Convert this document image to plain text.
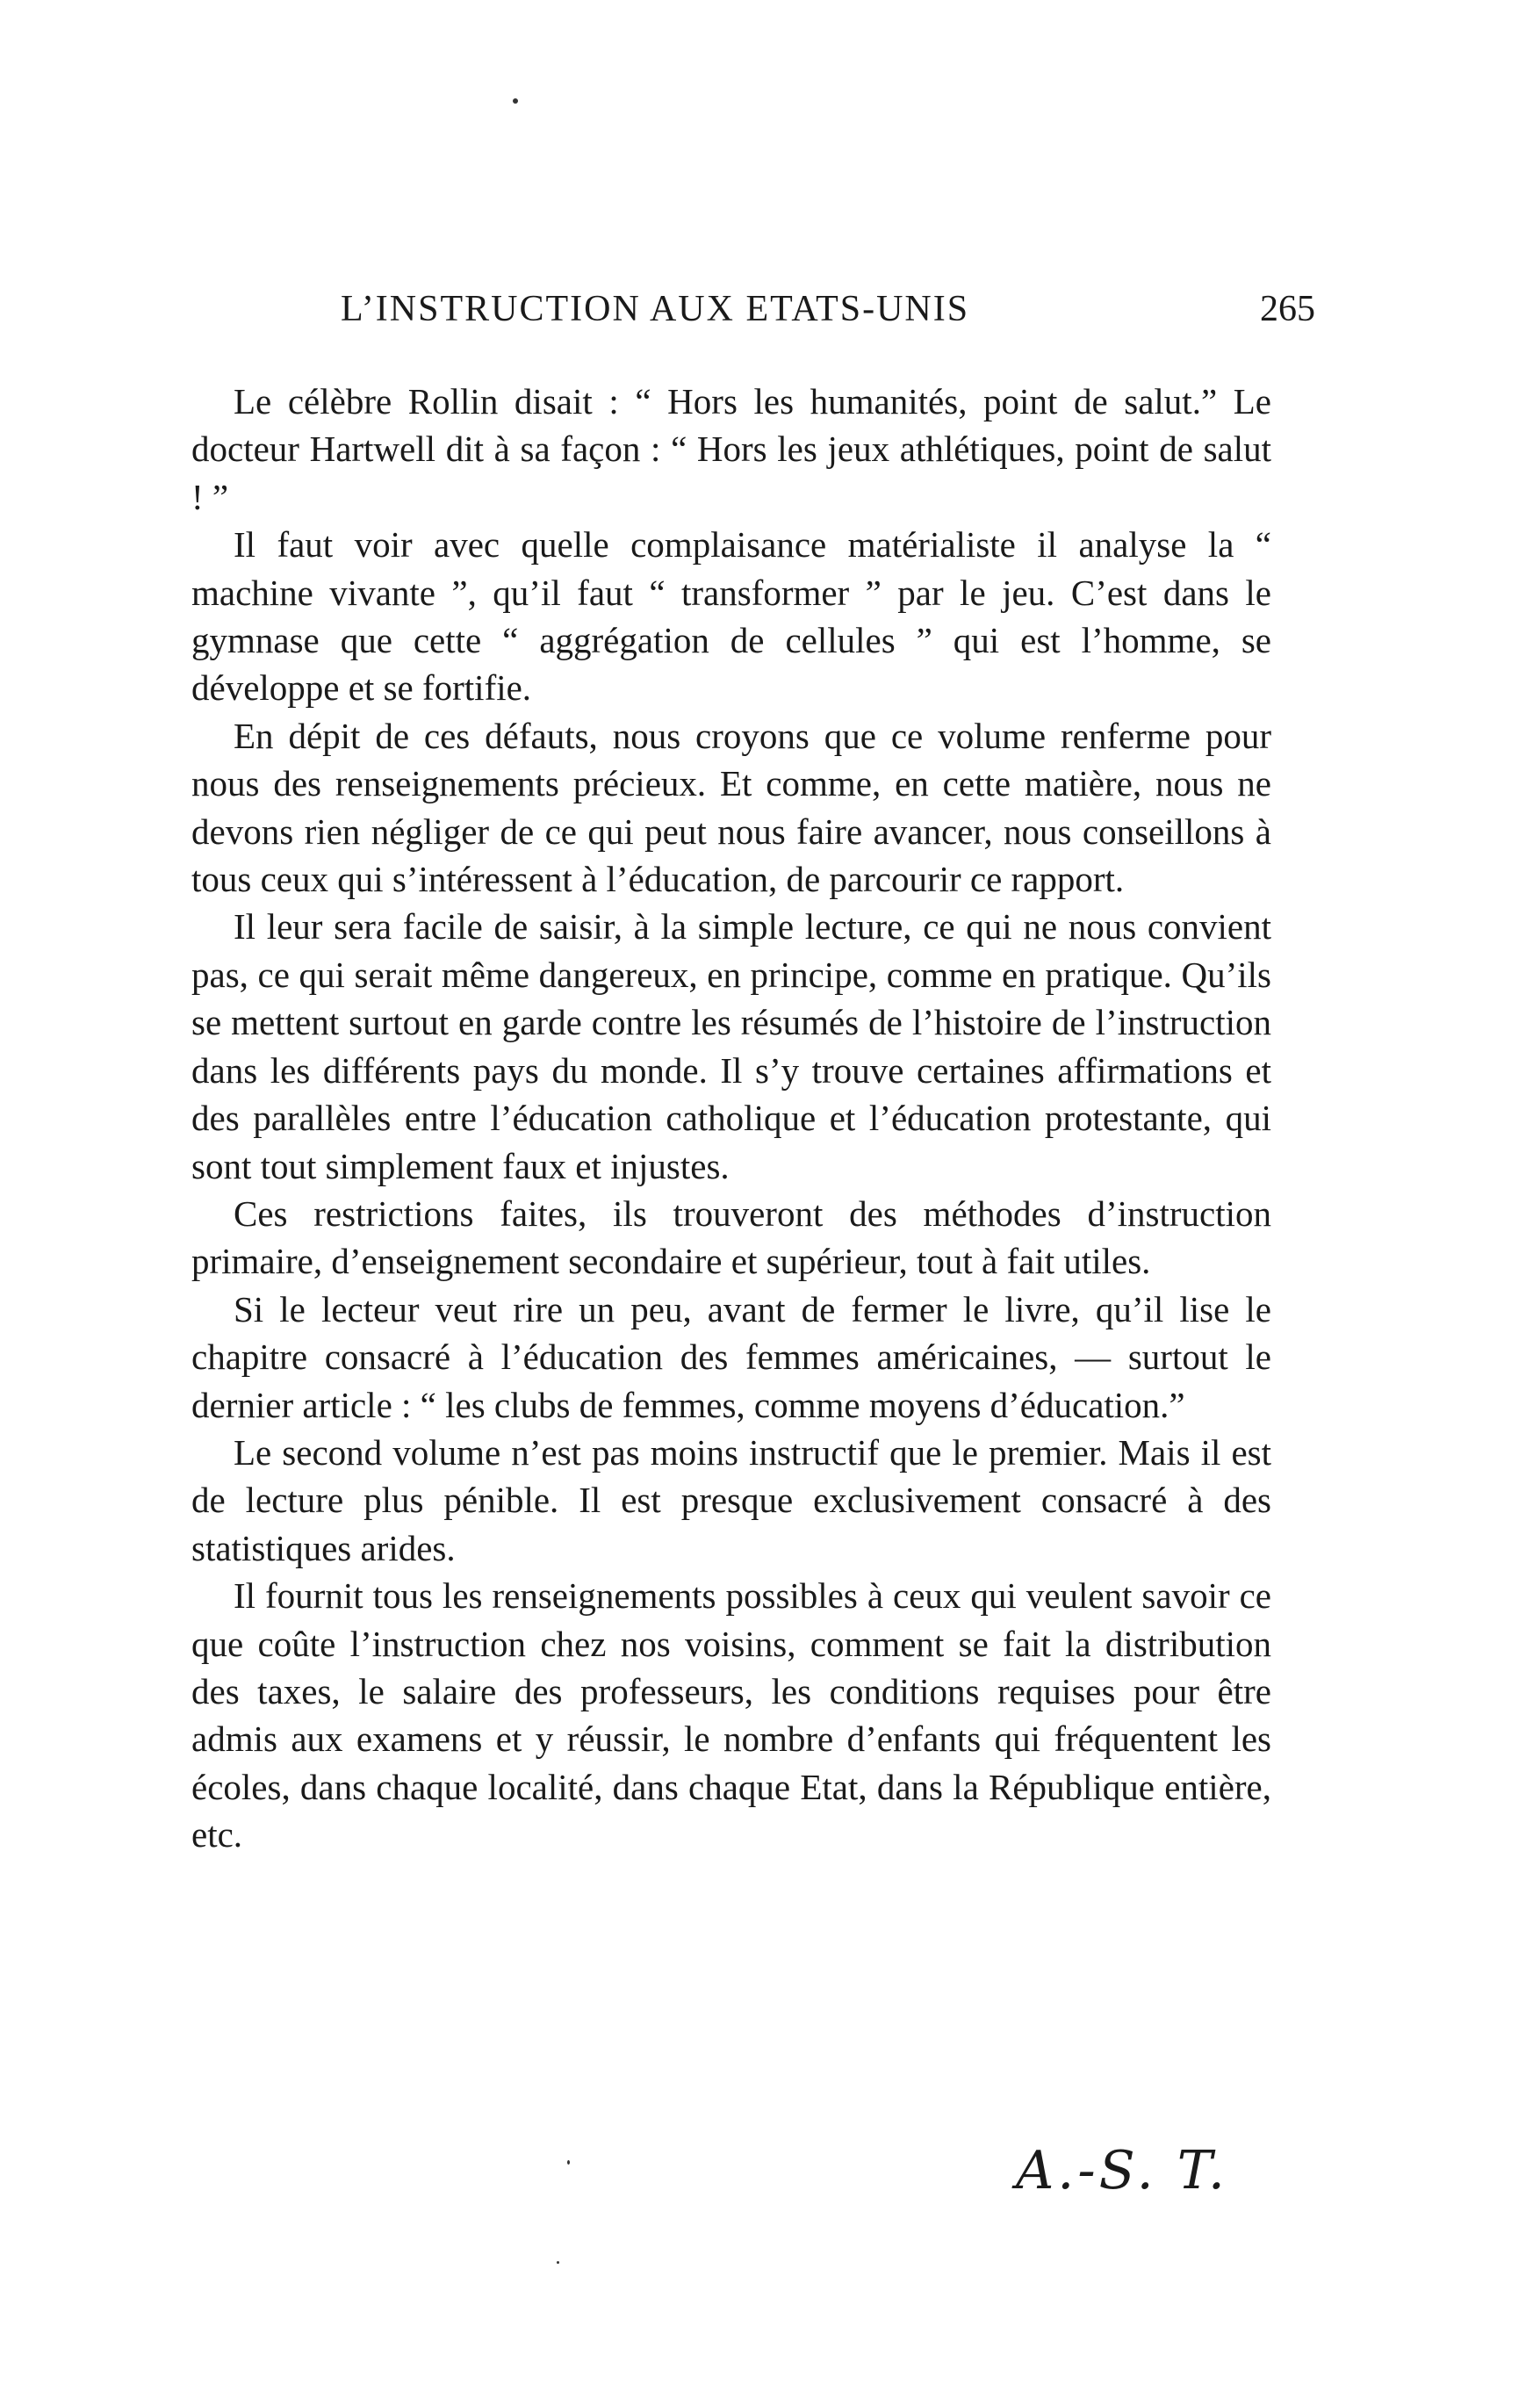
L’INSTRUCTION AUX ETATS-UNIS	265

Le célèbre Rollin disait : “ Hors les humanités, point de salut.” Le docteur Hartwell dit à sa façon : “ Hors les jeux athlétiques, point de salut ! ”

Il faut voir avec quelle complaisance matérialiste il analyse la “ machine vivante ”, qu’il faut “ transformer ” par le jeu. C’est dans le gymnase que cette “ aggrégation de cellules ” qui est l’homme, se développe et se fortifie.

En dépit de ces défauts, nous croyons que ce volume renferme pour nous des renseignements précieux. Et comme, en cette matière, nous ne devons rien négliger de ce qui peut nous faire avancer, nous conseillons à tous ceux qui s’intéressent à l’éducation, de parcourir ce rapport.

Il leur sera facile de saisir, à la simple lecture, ce qui ne nous convient pas, ce qui serait même dangereux, en principe, comme en pratique. Qu’ils se mettent surtout en garde contre les résumés de l’histoire de l’instruction dans les différents pays du monde. Il s’y trouve certaines affirmations et des parallèles entre l’éducation catholique et l’éducation protestante, qui sont tout simplement faux et injustes.

Ces restrictions faites, ils trouveront des méthodes d’instruction primaire, d’enseignement secondaire et supérieur, tout à fait utiles.

Si le lecteur veut rire un peu, avant de fermer le livre, qu’il lise le chapitre consacré à l’éducation des femmes américaines, — surtout le dernier article : “ les clubs de femmes, comme moyens d’éducation.”

Le second volume n’est pas moins instructif que le premier. Mais il est de lecture plus pénible. Il est presque exclusivement consacré à des statistiques arides.

Il fournit tous les renseignements possibles à ceux qui veulent savoir ce que coûte l’instruction chez nos voisins, comment se fait la distribution des taxes, le salaire des professeurs, les conditions requises pour être admis aux examens et y réussir, le nombre d’enfants qui fréquentent les écoles, dans chaque localité, dans chaque Etat, dans la République entière, etc.

A.-S. T.
